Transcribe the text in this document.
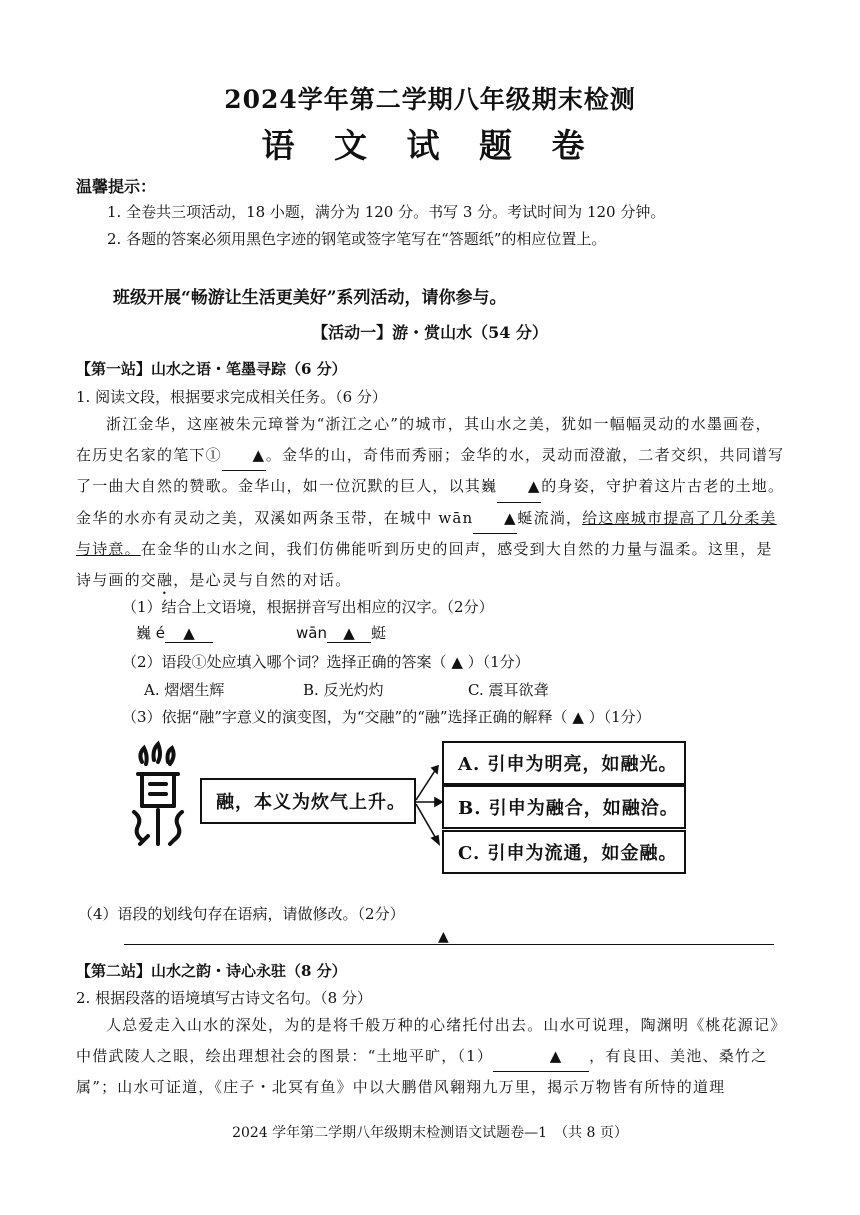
2024学年第二学期八年级期末检测
语 文 试 题 卷
温馨提示：
1. 全卷共三项活动，18 小题，满分为 120 分。书写 3 分。考试时间为 120 分钟。
2. 各题的答案必须用黑色字迹的钢笔或签字笔写在“答题纸”的相应位置上。
班级开展“畅游让生活更美好”系列活动，请你参与。
【活动一】游・赏山水（54 分）
【第一站】山水之语・笔墨寻踪（6 分）
1. 阅读文段，根据要求完成相关任务。（6 分）
浙江金华，这座被朱元璋誉为“浙江之心”的城市，其山水之美，犹如一幅幅灵动的水墨画卷，在历史名家的笔下① ▲。金华的山，奇伟而秀丽；金华的水，灵动而澄澈，二者交织，共同谱写了一曲大自然的赞歌。金华山，如一位沉默的巨人，以其巍 ▲的身姿，守护着这片古老的土地。金华的水亦有灵动之美，双溪如两条玉带，在城中 wān ▲蜒流淌，给这座城市提高了几分柔美与诗意。在金华的山水之间，我们仿佛能听到历史的回声，感受到大自然的力量与温柔。这里，是诗与画的交融，是心灵与自然的对话。
（1）结合上文语境，根据拼音写出相应的汉字。（2分）
巍 é ▲	wān ▲ 蜓
（2）语段①处应填入哪个词？选择正确的答案（ ▲ ）（1分）
A. 熠熠生辉	B. 反光灼灼	C. 震耳欲聋
（3）依据“融”字意义的演变图，为“交融”的“融”选择正确的解释（ ▲ ）（1分）
融，本义为炊气上升。
A. 引申为明亮，如融光。
B. 引申为融合，如融洽。
C. 引申为流通，如金融。
（4）语段的划线句存在语病，请做修改。（2分）
▲
【第二站】山水之韵・诗心永驻（8 分）
2. 根据段落的语境填写古诗文名句。（8 分）
人总爱走入山水的深处，为的是将千般万种的心绪托付出去。山水可说理，陶渊明《桃花源记》中借武陵人之眼，绘出理想社会的图景：“土地平旷，（1）	▲ ，有良田、美池、桑竹之属”；山水可证道，《庄子・北冥有鱼》中以大鹏借风翱翔九万里，揭示万物皆有所恃的道理
2024 学年第二学期八年级期末检测语文试题卷—1　（共 8 页）
